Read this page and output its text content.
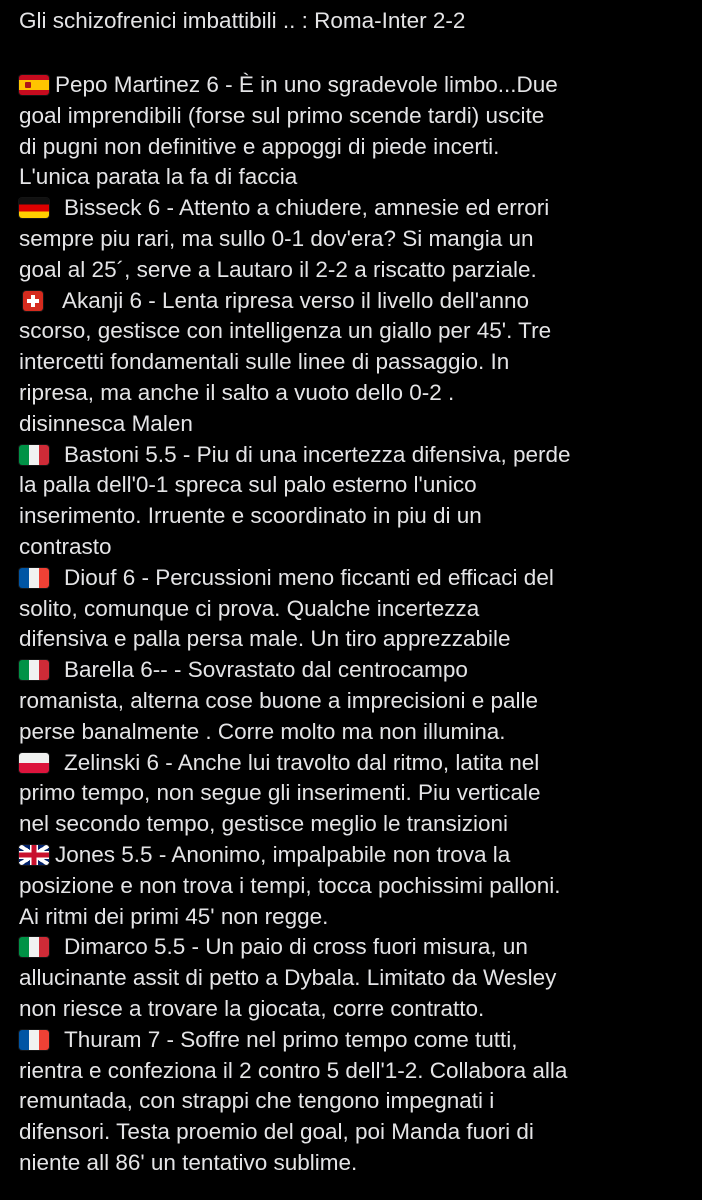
Gli schizofrenici imbattibili .. : Roma-Inter 2-2

Pepo Martinez 6 - È in uno sgradevole limbo...Due
goal imprendibili (forse sul primo scende tardi) uscite
di pugni non definitive e appoggi di piede incerti.
L'unica parata la fa di faccia

Bisseck 6 - Attento a chiudere, amnesie ed errori
sempre piu rari, ma sullo 0-1 dov'era? Si mangia un
goal al 25´, serve a Lautaro il 2-2 a riscatto parziale.

Akanji 6 - Lenta ripresa verso il livello dell'anno
scorso, gestisce con intelligenza un giallo per 45'. Tre
intercetti fondamentali sulle linee di passaggio. In
ripresa, ma anche il salto a vuoto dello 0-2 .
disinnesca Malen

Bastoni 5.5 - Piu di una incertezza difensiva, perde
la palla dell'0-1 spreca sul palo esterno l'unico
inserimento. Irruente e scoordinato in piu di un
contrasto

Diouf 6 - Percussioni meno ficcanti ed efficaci del
solito, comunque ci prova. Qualche incertezza
difensiva e palla persa male. Un tiro apprezzabile

Barella 6-- - Sovrastato dal centrocampo
romanista, alterna cose buone a imprecisioni e palle
perse banalmente . Corre molto ma non illumina.

Zelinski 6 - Anche lui travolto dal ritmo, latita nel
primo tempo, non segue gli inserimenti. Piu verticale
nel secondo tempo, gestisce meglio le transizioni

Jones 5.5 - Anonimo, impalpabile non trova la
posizione e non trova i tempi, tocca pochissimi palloni.
Ai ritmi dei primi 45' non regge.

Dimarco 5.5 - Un paio di cross fuori misura, un
allucinante assit di petto a Dybala. Limitato da Wesley
non riesce a trovare la giocata, corre contratto.

Thuram 7 - Soffre nel primo tempo come tutti,
rientra e confeziona il 2 contro 5 dell'1-2. Collabora alla
remuntada, con strappi che tengono impegnati i
difensori. Testa proemio del goal, poi Manda fuori di
niente all 86' un tentativo sublime.
